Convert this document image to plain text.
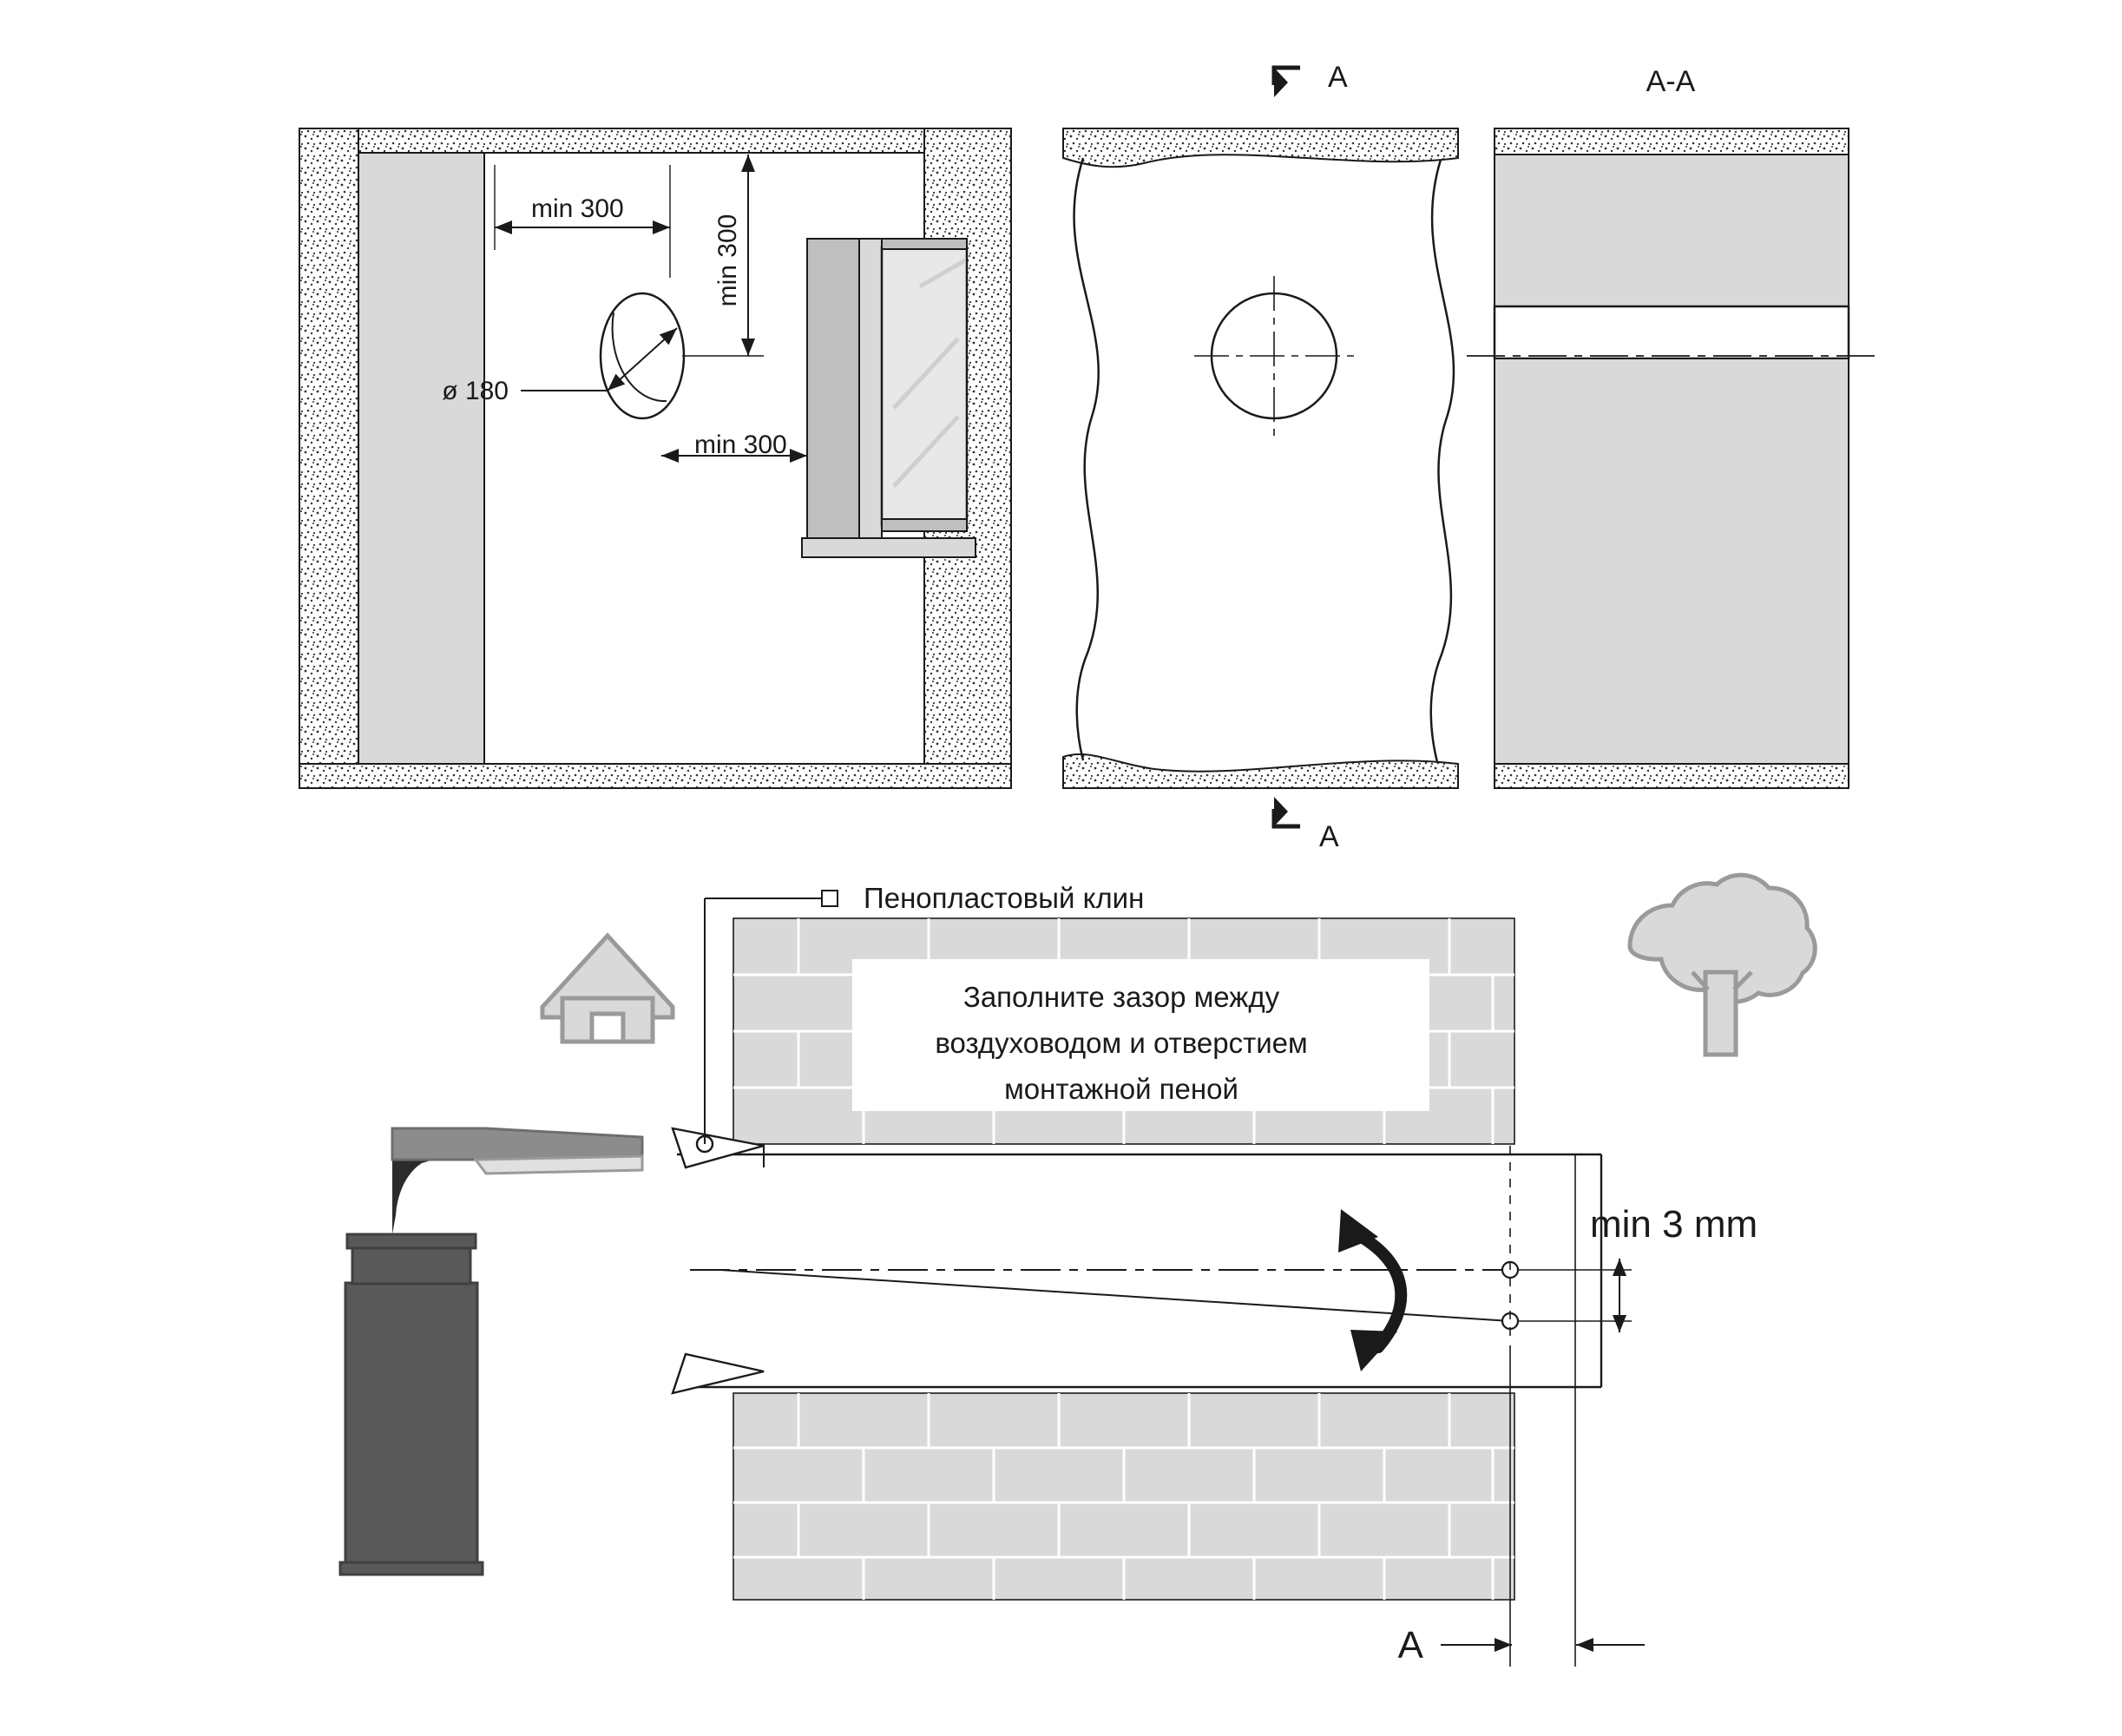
ø 180
min 300
min 300
min 300
A
A
A-A
Заполните зазор между
воздуховодом и отверстием
монтажной пеной
Пенопластовый клин
min 3 mm
A
